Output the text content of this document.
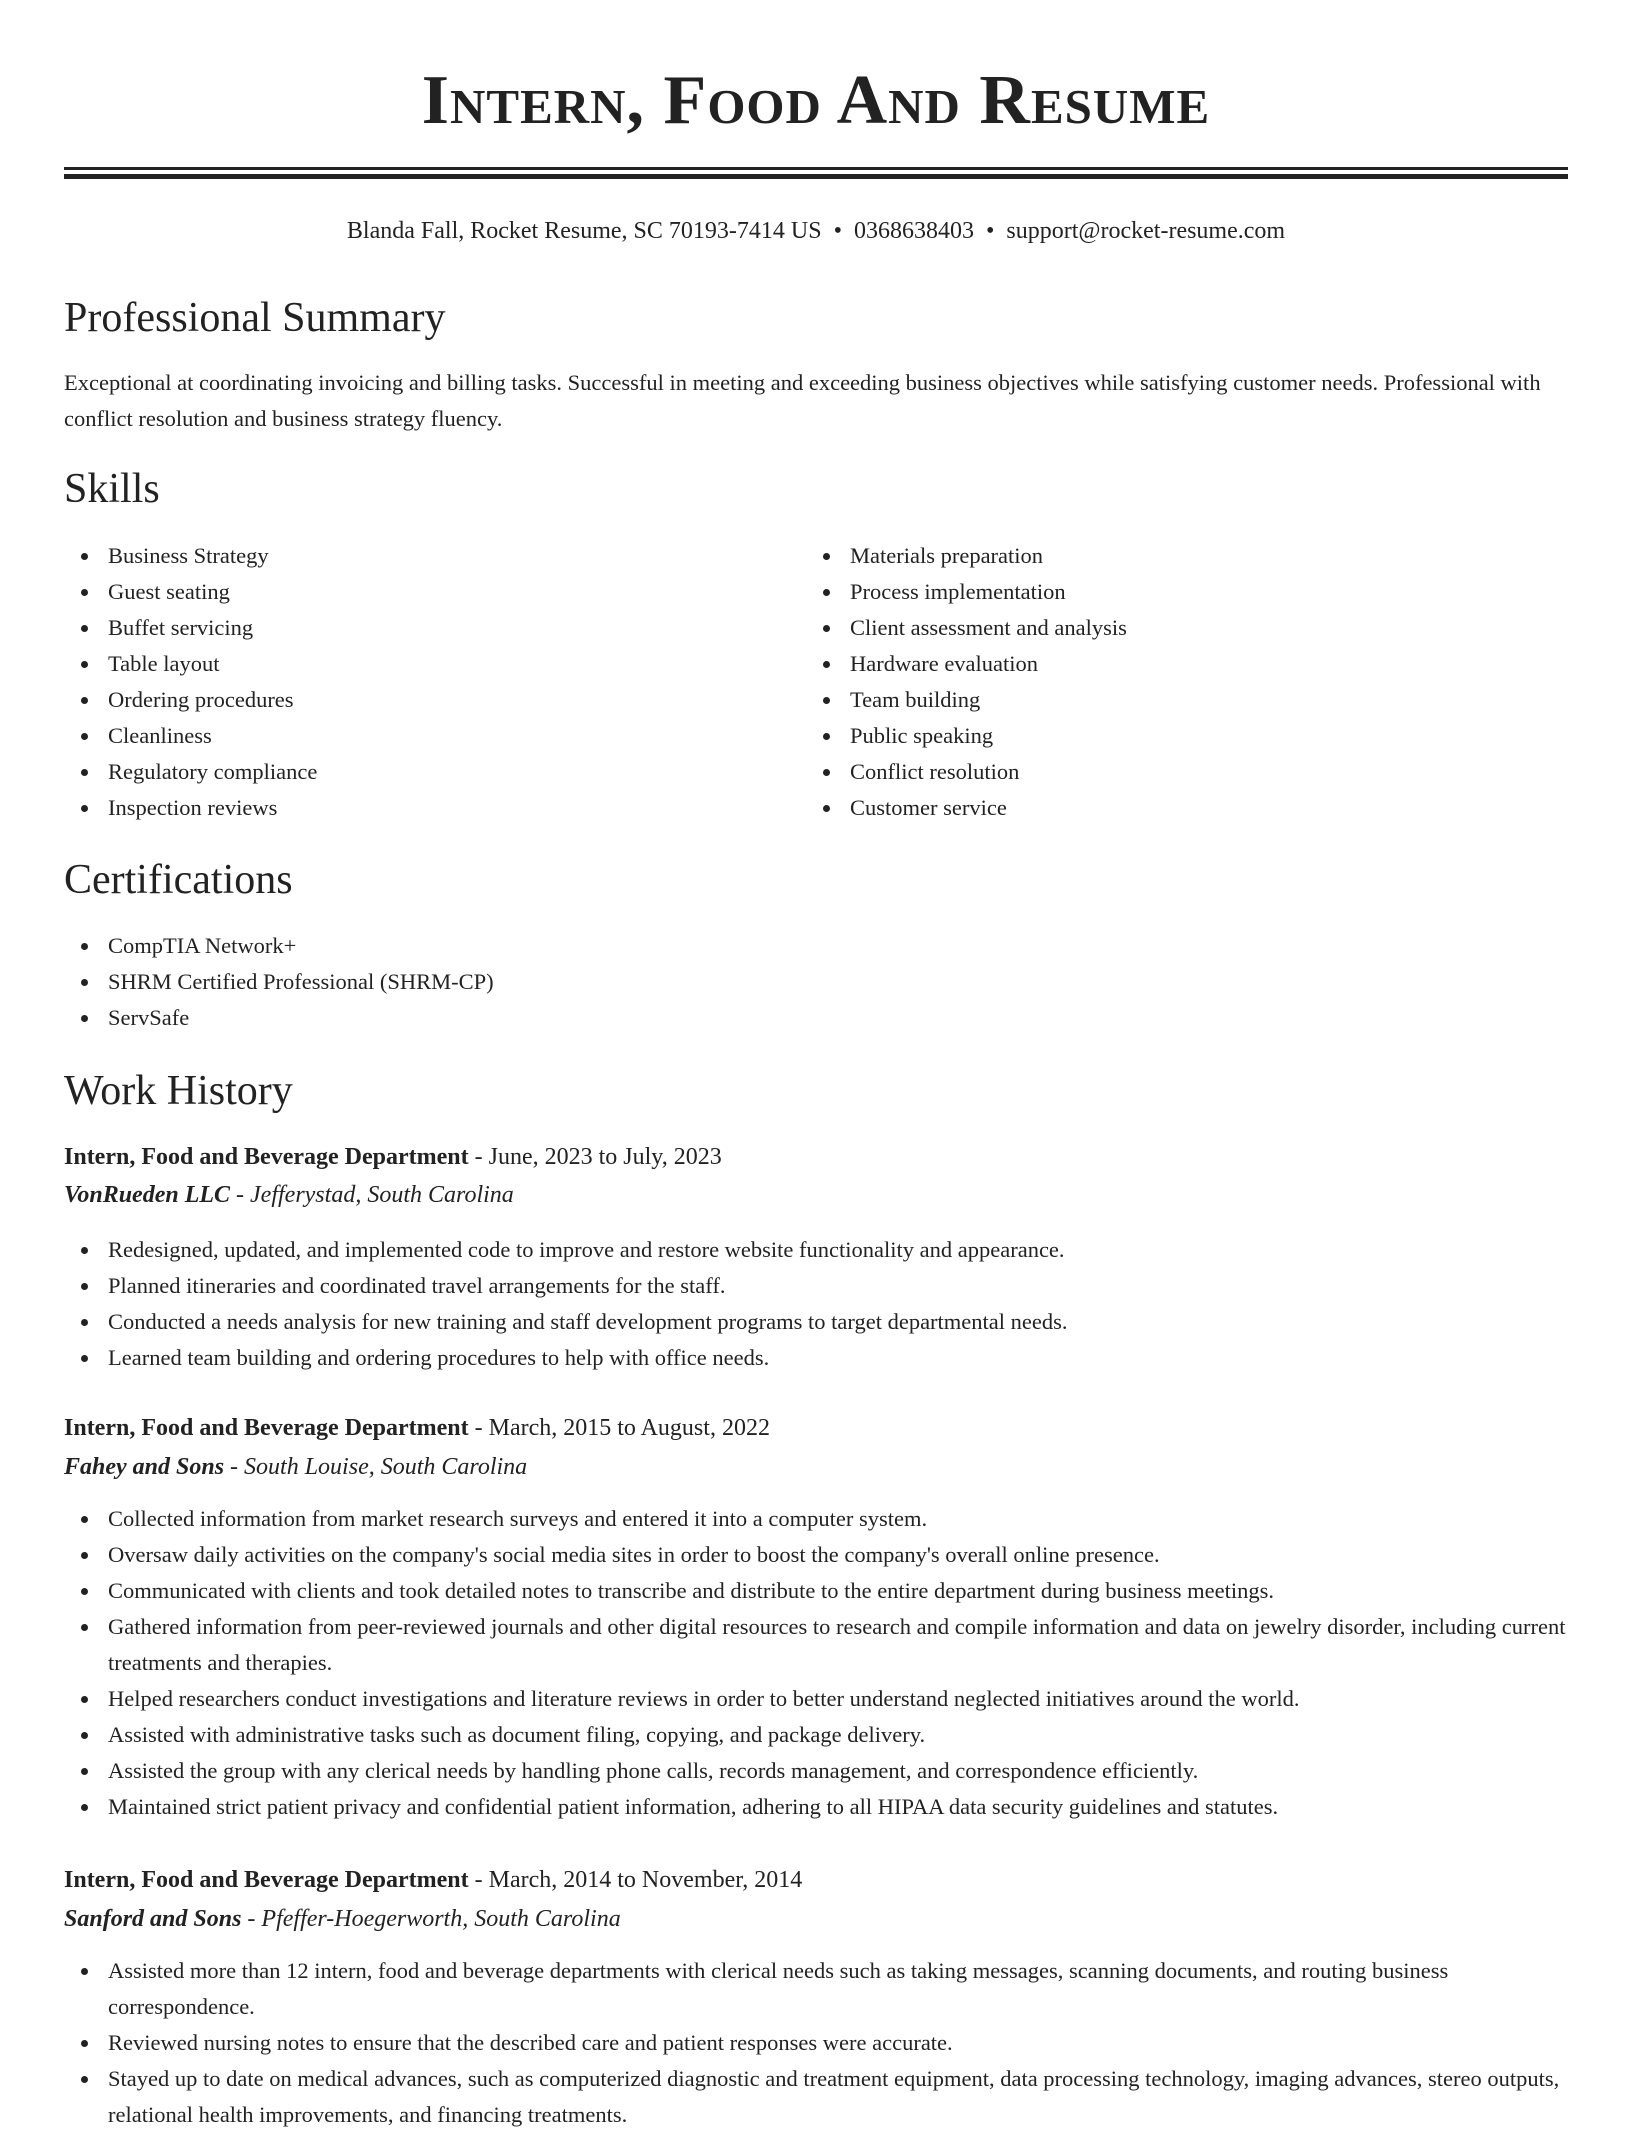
Intern, Food And Resume
Blanda Fall, Rocket Resume, SC 70193-7414 US • 0368638403 • support@rocket-resume.com
Professional Summary

Exceptional at coordinating invoicing and billing tasks. Successful in meeting and exceeding business objectives while satisfying customer needs. Professional with conflict resolution and business strategy fluency.

Skills
Business Strategy
Guest seating
Buffet servicing
Table layout
Ordering procedures
Cleanliness
Regulatory compliance
Inspection reviews
Materials preparation
Process implementation
Client assessment and analysis
Hardware evaluation
Team building
Public speaking
Conflict resolution
Customer service
Certifications
CompTIA Network+
SHRM Certified Professional (SHRM-CP)
ServSafe
Work History
Intern, Food and Beverage Department - June, 2023 to July, 2023
VonRueden LLC - Jefferystad, South Carolina
Redesigned, updated, and implemented code to improve and restore website functionality and appearance.
Planned itineraries and coordinated travel arrangements for the staff.
Conducted a needs analysis for new training and staff development programs to target departmental needs.
Learned team building and ordering procedures to help with office needs.
Intern, Food and Beverage Department - March, 2015 to August, 2022
Fahey and Sons - South Louise, South Carolina
Collected information from market research surveys and entered it into a computer system.
Oversaw daily activities on the company's social media sites in order to boost the company's overall online presence.
Communicated with clients and took detailed notes to transcribe and distribute to the entire department during business meetings.
Gathered information from peer-reviewed journals and other digital resources to research and compile information and data on jewelry disorder, including current treatments and therapies.
Helped researchers conduct investigations and literature reviews in order to better understand neglected initiatives around the world.
Assisted with administrative tasks such as document filing, copying, and package delivery.
Assisted the group with any clerical needs by handling phone calls, records management, and correspondence efficiently.
Maintained strict patient privacy and confidential patient information, adhering to all HIPAA data security guidelines and statutes.
Intern, Food and Beverage Department - March, 2014 to November, 2014
Sanford and Sons - Pfeffer-Hoegerworth, South Carolina
Assisted more than 12 intern, food and beverage departments with clerical needs such as taking messages, scanning documents, and routing business correspondence.
Reviewed nursing notes to ensure that the described care and patient responses were accurate.
Stayed up to date on medical advances, such as computerized diagnostic and treatment equipment, data processing technology, imaging advances, stereo outputs, relational health improvements, and financing treatments.
